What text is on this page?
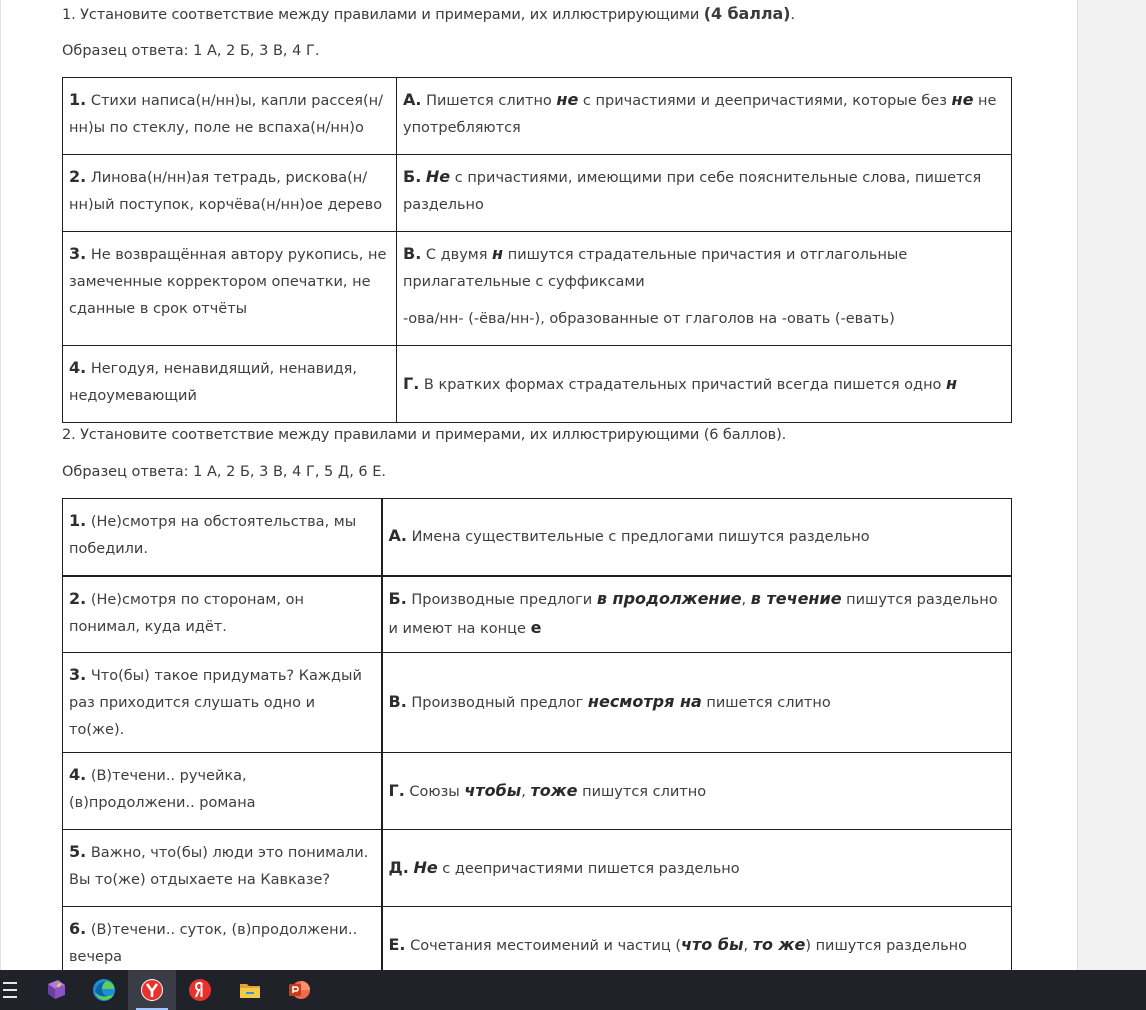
1. Установите соответствие между правилами и примерами, их иллюстрирующими (4 балла).
Образец ответа: 1 А, 2 Б, 3 В, 4 Г.
1. Стихи написа(н/нн)ы, капли рассея(н/нн)ы по стеклу, поле не вспаха(н/нн)о	А. Пишется слитно не с причастиями и деепричастиями, которые без не не употребляются
2. Линова(н/нн)ая тетрадь, рискова(н/нн)ый поступок, корчёва(н/нн)ое дерево	Б. Не с причастиями, имеющими при себе пояснительные слова, пишется раздельно
3. Не возвращённая автору рукопись, не замеченные корректором опечатки, не сданные в срок отчёты	В. С двумя н пишутся страдательные причастия и отглагольные прилагательные с суффиксами
-ова/нн- (-ёва/нн-), образованные от глаголов на -овать (-евать)

4. Негодуя, ненавидящий, ненавидя, недоумевающий	Г. В кратких формах страдательных причастий всегда пишется одно н
2. Установите соответствие между правилами и примерами, их иллюстрирующими (6 баллов).
Образец ответа: 1 А, 2 Б, 3 В, 4 Г, 5 Д, 6 Е.
1. (Не)смотря на обстоятельства, мы победили.	А. Имена существительные с предлогами пишутся раздельно
2. (Не)смотря по сторонам, он понимал, куда идёт.	Б. Производные предлоги в продолжение, в течение пишутся раздельно и имеют на конце е
3. Что(бы) такое придумать? Каждый раз приходится слушать одно и то(же).	В. Производный предлог несмотря на пишется слитно
4. (В)течени.. ручейка, (в)продолжени.. романа	Г. Союзы чтобы, тоже пишутся слитно
5. Важно, что(бы) люди это понимали. Вы то(же) отдыхаете на Кавказе?	Д. Не с деепричастиями пишется раздельно
6. (В)течени.. суток, (в)продолжени.. вечера	Е. Сочетания местоимений и частиц (что бы, то же) пишутся раздельно
